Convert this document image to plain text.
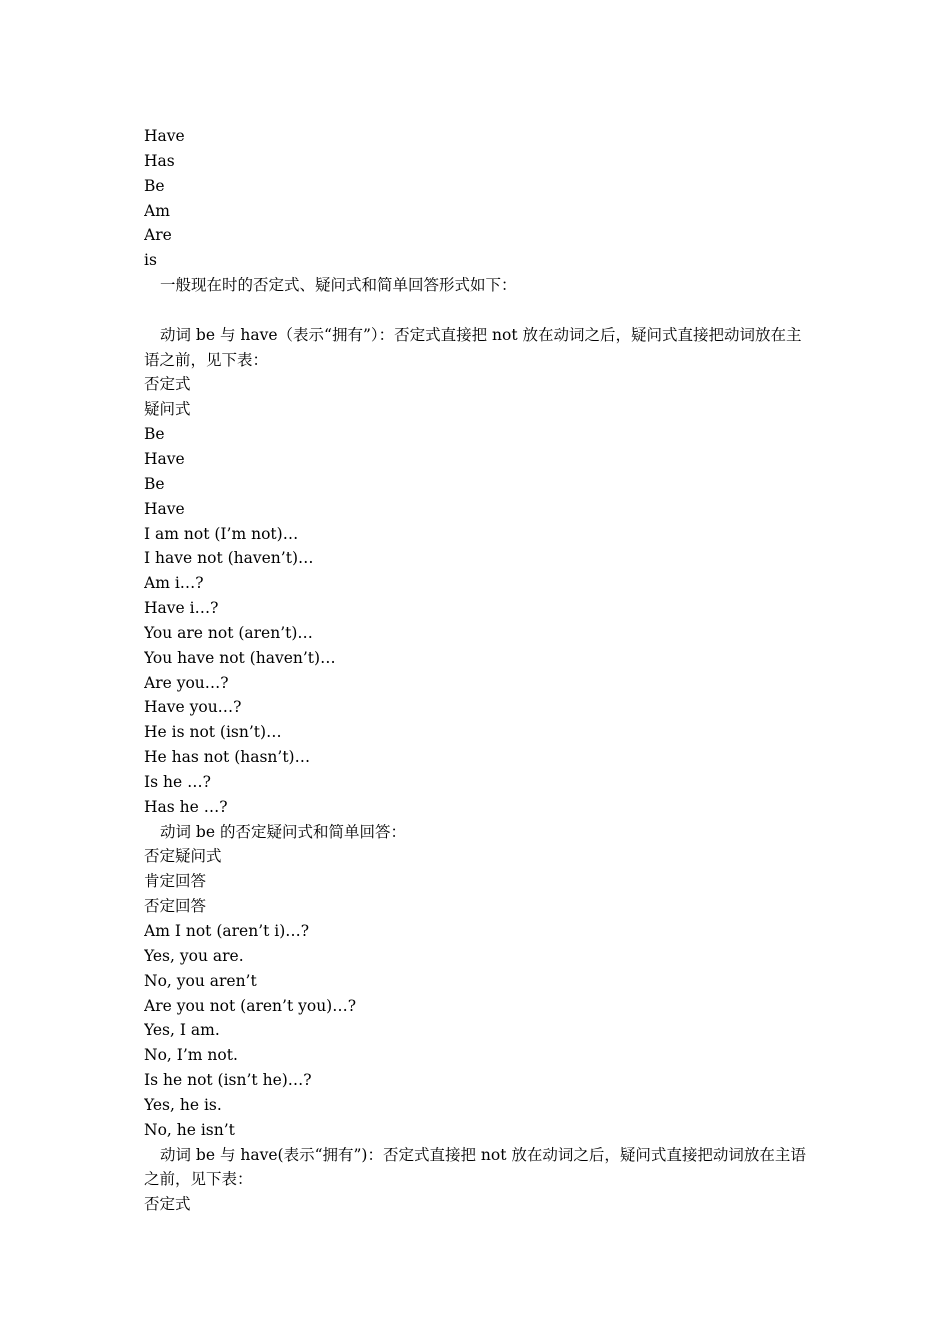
Have
Has
Be
Am
Are
is
一般现在时的否定式、疑问式和简单回答形式如下：
动词 be 与 have（表示“拥有”）：否定式直接把 not 放在动词之后，疑问式直接把动词放在主语之前，见下表：
否定式
疑问式
Be
Have
Be
Have
I am not (I’m not)…
I have not (haven’t)…
Am i…?
Have i…?
You are not (aren’t)…
You have not (haven’t)…
Are you…?
Have you…?
He is not (isn’t)…
He has not (hasn’t)…
Is he …?
Has he …?
动词 be 的否定疑问式和简单回答：
否定疑问式
肯定回答
否定回答
Am I not (aren’t i)…?
Yes, you are.
No, you aren’t
Are you not (aren’t you)…?
Yes, I am.
No, I’m not.
Is he not (isn’t he)…?
Yes, he is.
No, he isn’t
动词 be 与 have(表示“拥有”)：否定式直接把 not 放在动词之后，疑问式直接把动词放在主语之前，见下表：
否定式
